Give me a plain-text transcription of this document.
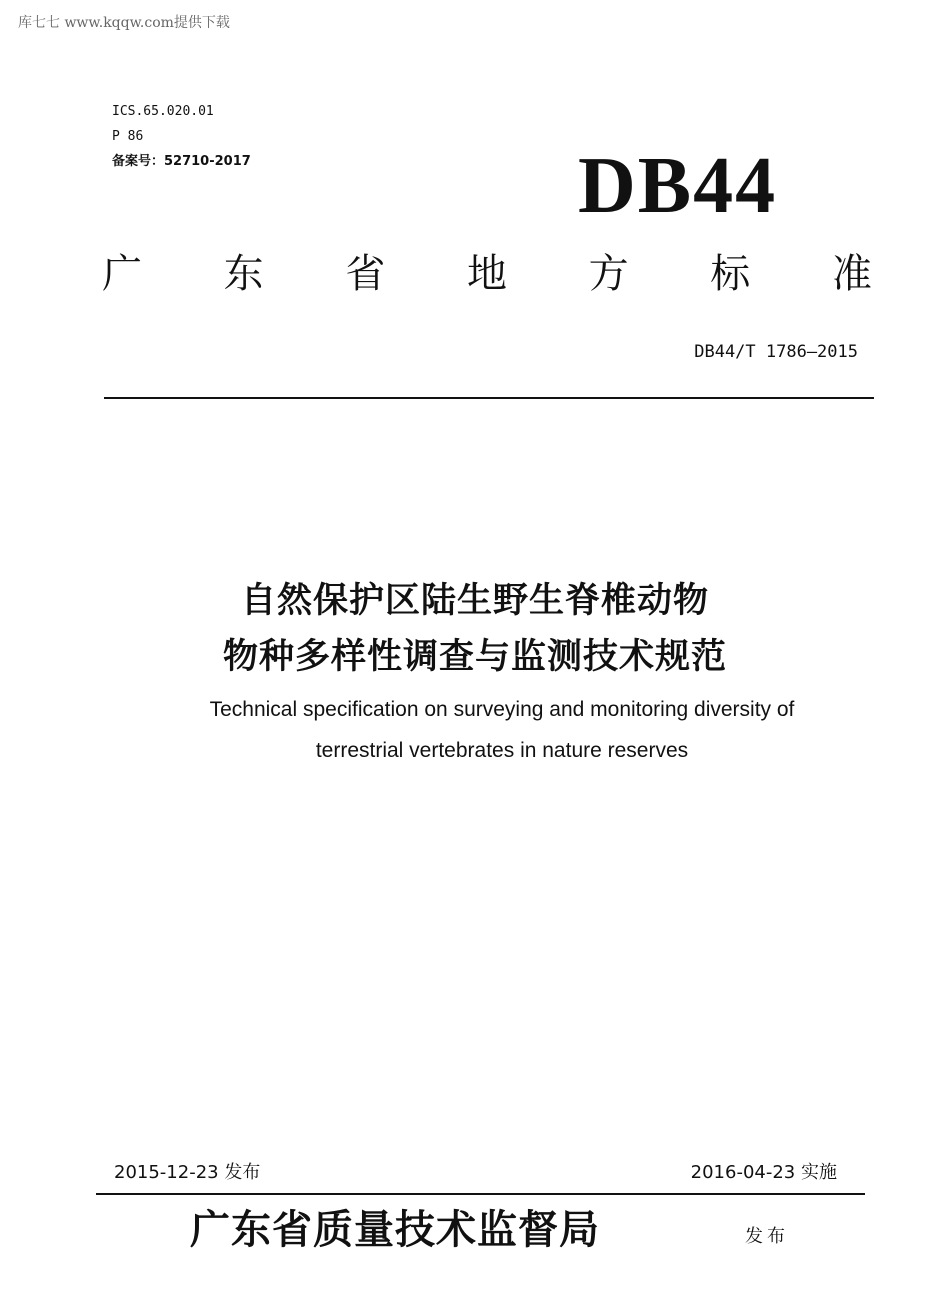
库七七 www.kqqw.com提供下载
ICS.65.020.01
P 86
备案号：52710-2017	DB44
广 东 省 地 方 标 准
DB44/T 1786—2015
自然保护区陆生野生脊椎动物
物种多样性调查与监测技术规范
Technical specification on surveying and monitoring diversity of
terrestrial vertebrates in nature reserves
2015-12-23 发布	2016-04-23 实施
广东省质量技术监督局	发布
